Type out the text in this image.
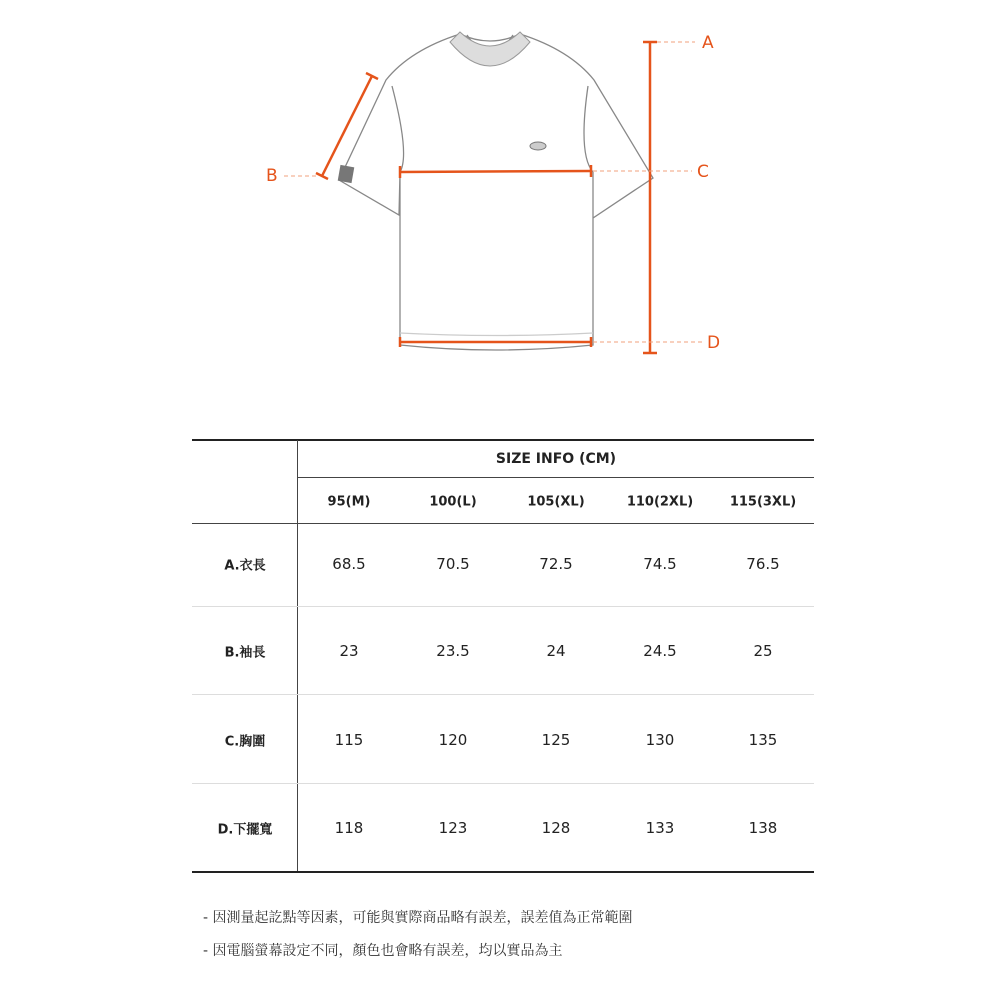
A
B	C
D
SIZE INFO (CM)
95(M)	100(L)	105(XL)	110(2XL)	115(3XL)
A.衣長	68.5	70.5	72.5	74.5	76.5
B.袖長	23	23.5	24	24.5	25
C.胸圍	115	120	125	130	135
D.下擺寬	118	123	128	133	138
- 因測量起訖點等因素，可能與實際商品略有誤差，誤差值為正常範圍
- 因電腦螢幕設定不同，顏色也會略有誤差，均以實品為主
